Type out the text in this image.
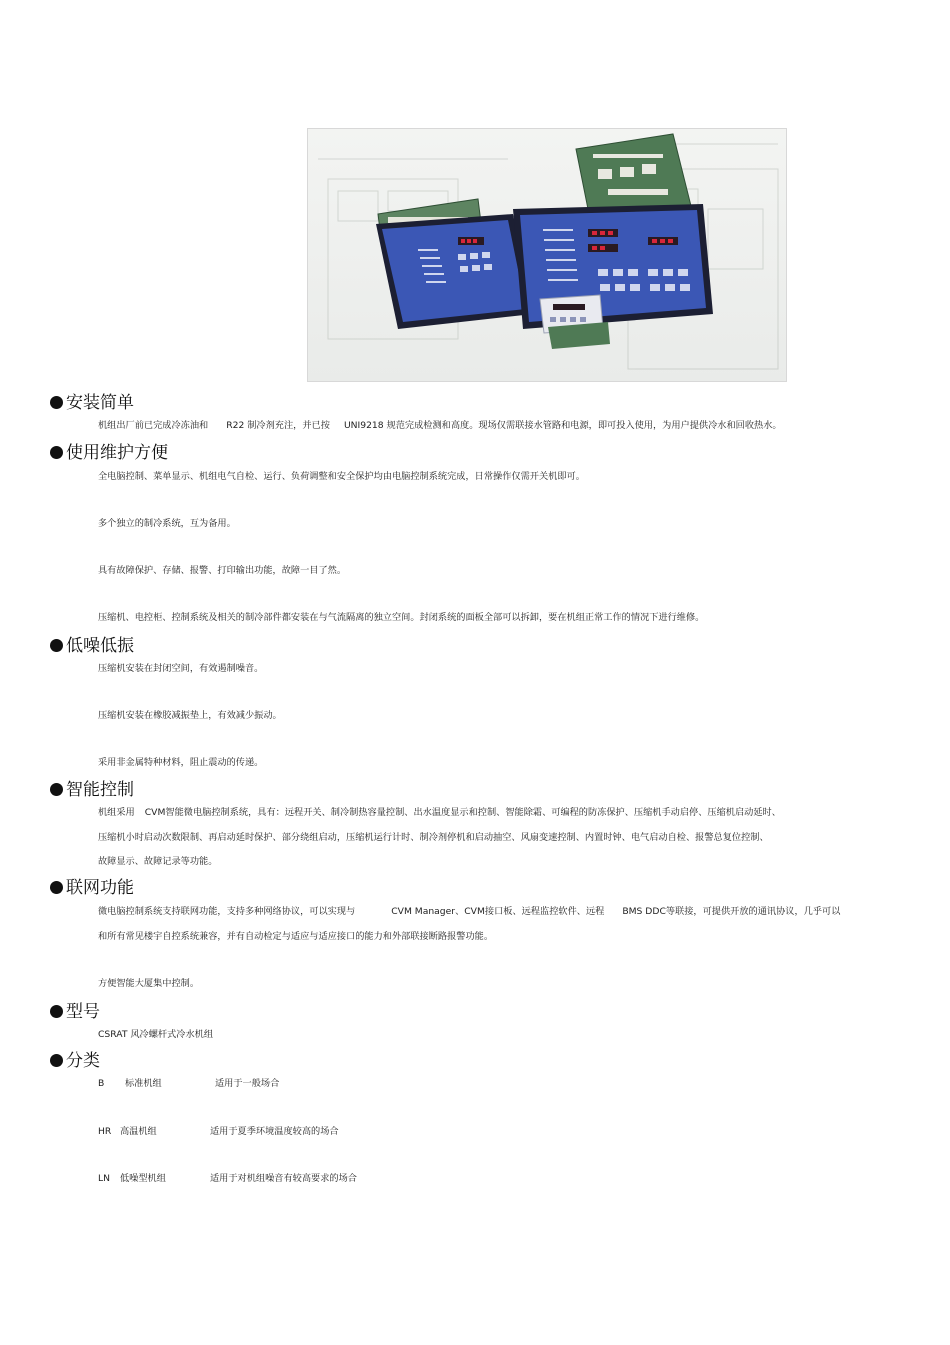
安装简单
机组出厂前已完成冷冻油和 R22 制冷剂充注，并已按 UNI9218 规范完成检测和高度。现场仅需联接水管路和电源，即可投入使用，为用户提供冷水和回收热水。
使用维护方便
全电脑控制、菜单显示、机组电气自检、运行、负荷调整和安全保护均由电脑控制系统完成，日常操作仅需开关机即可。
多个独立的制冷系统，互为备用。
具有故障保护、存储、报警、打印输出功能，故障一目了然。
压缩机、电控柜、控制系统及相关的制冷部件都安装在与气流隔离的独立空间。封闭系统的面板全部可以拆卸，要在机组正常工作的情况下进行维修。
低噪低振
压缩机安装在封闭空间，有效遏制噪音。
压缩机安装在橡胶减振垫上，有效减少振动。
采用非金属特种材料，阻止震动的传递。
智能控制
机组采用 CVM智能微电脑控制系统，具有：远程开关、制冷制热容量控制、出水温度显示和控制、智能除霜、可编程的防冻保护、压缩机手动启停、压缩机启动延时、
压缩机小时启动次数限制、再启动延时保护、部分绕组启动，压缩机运行计时、制冷剂停机和启动抽空、风扇变速控制、内置时钟、电气启动自检、报警总复位控制、
故障显示、故障记录等功能。
联网功能
微电脑控制系统支持联网功能，支持多种网络协议，可以实现与	CVM Manager、CVM接口板、远程监控软件、远程 BMS DDC等联接，可提供开放的通讯协议，几乎可以
和所有常见楼宇自控系统兼容，并有自动检定与适应与适应接口的能力和外部联接断路报警功能。
方便智能大厦集中控制。
型号
CSRAT 风冷螺杆式冷水机组
分类
B 标准机组	适用于一般场合
HR 高温机组	适用于夏季环境温度较高的场合
LN 低噪型机组	适用于对机组噪音有较高要求的场合
